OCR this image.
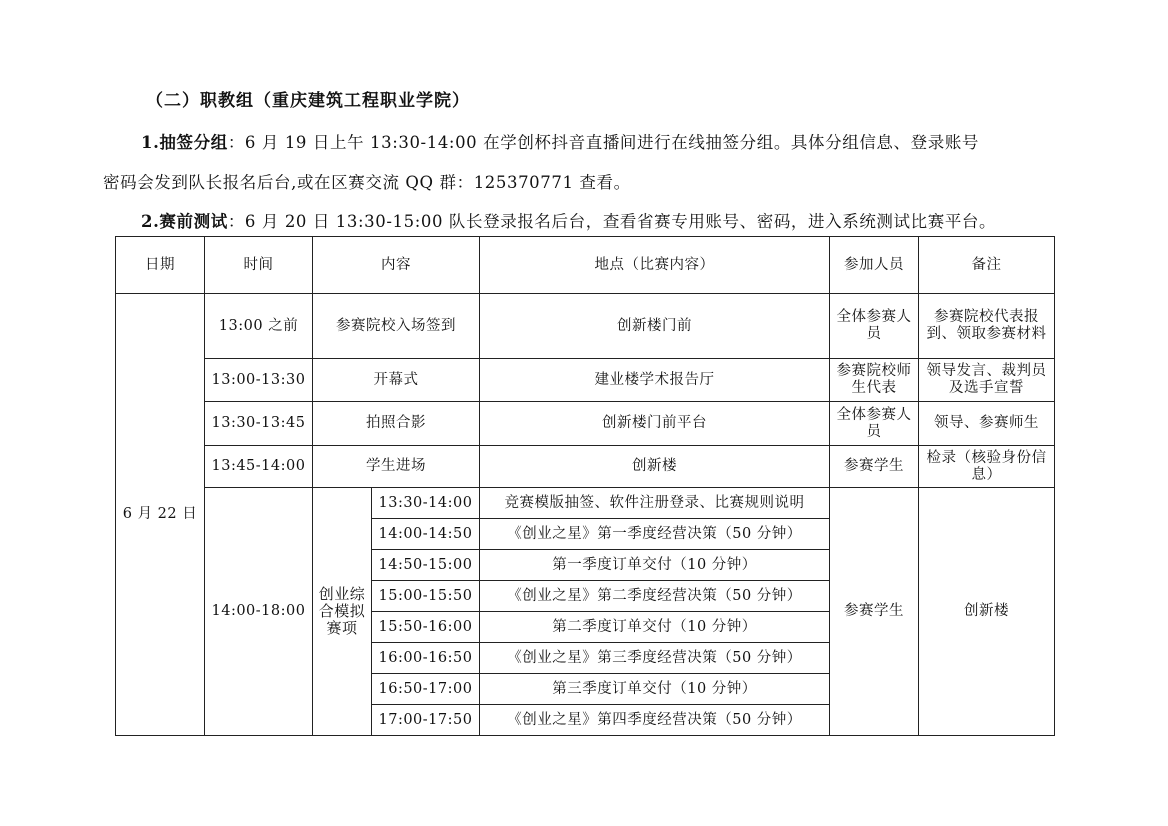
（二）职教组（重庆建筑工程职业学院）
1.抽签分组：6 月 19 日上午 13:30-14:00 在学创杯抖音直播间进行在线抽签分组。具体分组信息、登录账号
密码会发到队长报名后台,或在区赛交流 QQ 群：125370771 查看。
2.赛前测试：6 月 20 日 13:30-15:00 队长登录报名后台，查看省赛专用账号、密码，进入系统测试比赛平台。
日期	时间	内容		地点（比赛内容）	参加人员	备注
6 月 22 日	13:00 之前	参赛院校入场签到		创新楼门前	全体参赛人员	参赛院校代表报到、领取参赛材料
	13:00-13:30	开幕式		建业楼学术报告厅	参赛院校师生代表	领导发言、裁判员及选手宣誓
	13:30-13:45	拍照合影		创新楼门前平台	全体参赛人员	领导、参赛师生
	13:45-14:00	学生进场		创新楼	参赛学生	检录（核验身份信息）
	14:00-18:00	创业综合模拟赛项	13:30-14:00	竞赛模版抽签、软件注册登录、比赛规则说明	参赛学生	创新楼
			14:00-14:50	《创业之星》第一季度经营决策（50 分钟）		
			14:50-15:00	第一季度订单交付（10 分钟）		
			15:00-15:50	《创业之星》第二季度经营决策（50 分钟）		
			15:50-16:00	第二季度订单交付（10 分钟）		
			16:00-16:50	《创业之星》第三季度经营决策（50 分钟）		
			16:50-17:00	第三季度订单交付（10 分钟）		
			17:00-17:50	《创业之星》第四季度经营决策（50 分钟）		
